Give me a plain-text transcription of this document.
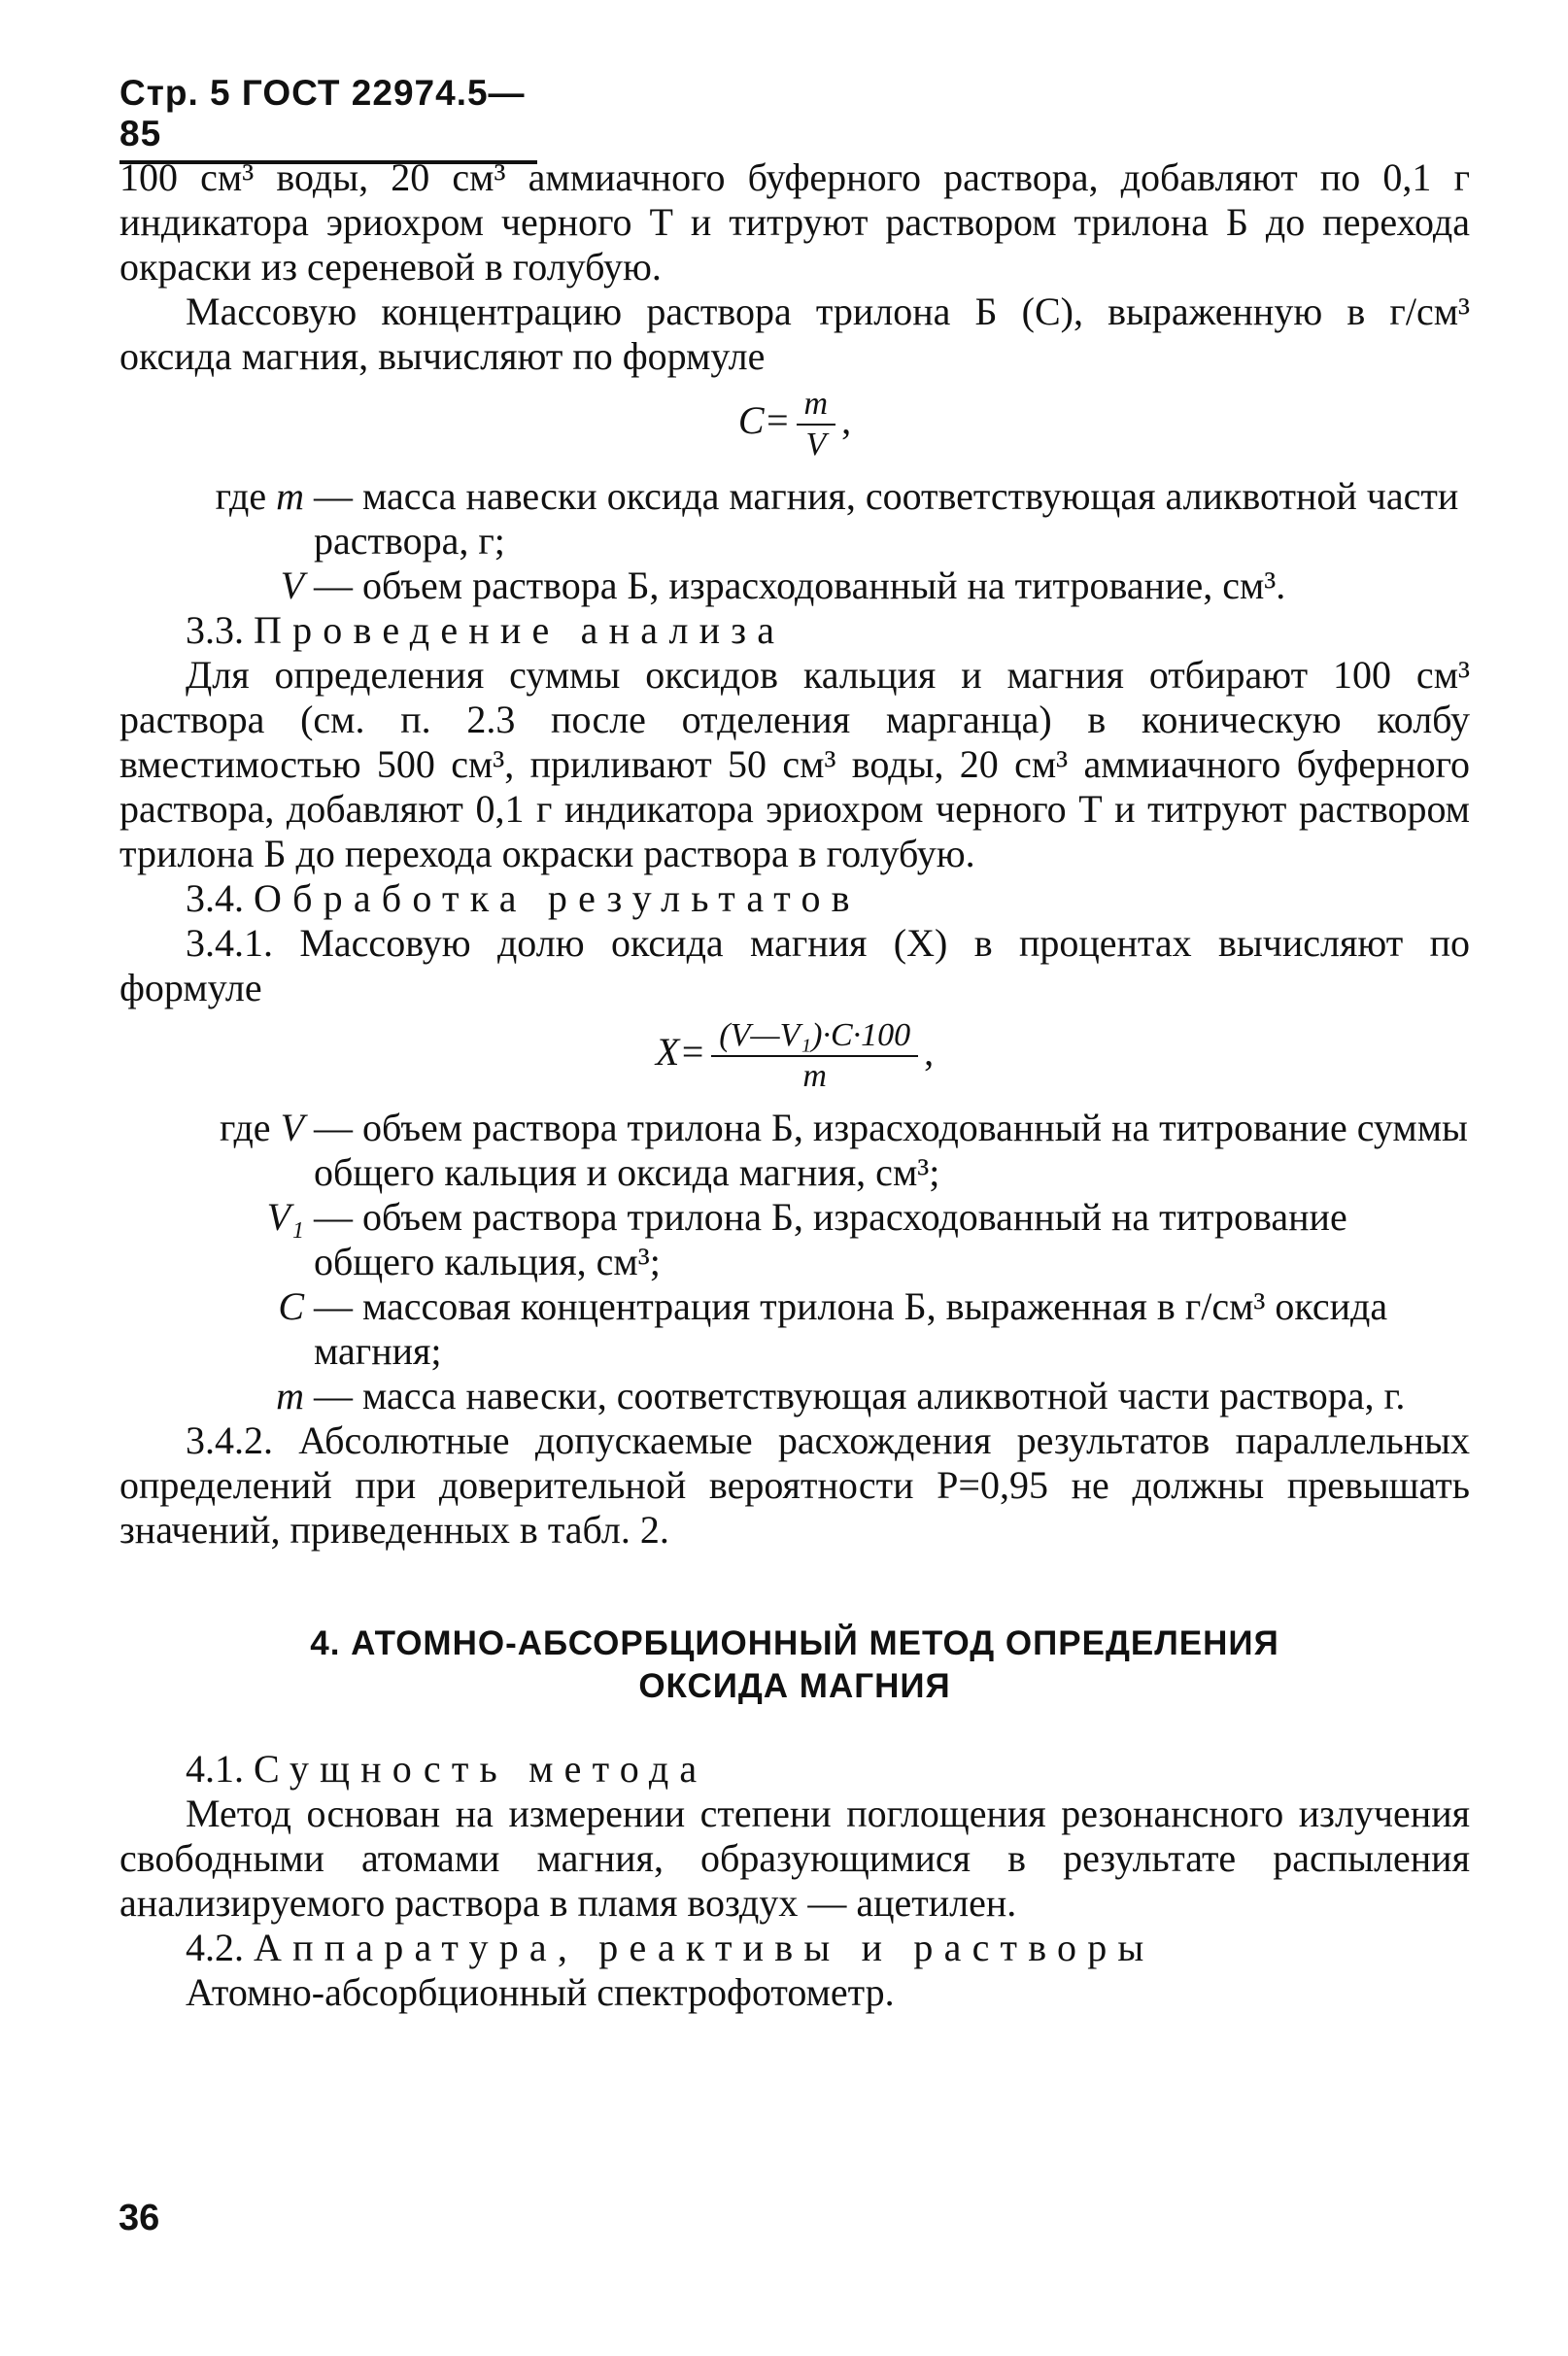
Стр. 5 ГОСТ 22974.5—85

100 см³ воды, 20 см³ аммиачного буферного раствора, добавляют по 0,1 г индикатора эриохром черного Т и титруют раствором трилона Б до перехода окраски из сереневой в голубую.

Массовую концентрацию раствора трилона Б (C), выраженную в г/см³ оксида магния, вычисляют по формуле

$C= \frac{m}{V}$ ,
где m — масса навески оксида магния, соответствующая аликвотной части раствора, г;
V — объем раствора Б, израсходованный на титрование, см³.

3.3. Проведение анализа

Для определения суммы оксидов кальция и магния отбирают 100 см³ раствора (см. п. 2.3 после отделения марганца) в коническую колбу вместимостью 500 см³, приливают 50 см³ воды, 20 см³ аммиачного буферного раствора, добавляют 0,1 г индикатора эриохром черного Т и титруют раствором трилона Б до перехода окраски раствора в голубую.

3.4. Обработка результатов

3.4.1. Массовую долю оксида магния (X) в процентах вычисляют по формуле

$X= \frac{\text{(V—V₁)·C·100}}{m}$ ,
где V — объем раствора трилона Б, израсходованный на титрование суммы общего кальция и оксида магния, см³;
V₁ — объем раствора трилона Б, израсходованный на титрование общего кальция, см³;
C — массовая концентрация трилона Б, выраженная в г/см³ оксида магния;
m — масса навески, соответствующая аликвотной части раствора, г.

3.4.2. Абсолютные допускаемые расхождения результатов параллельных определений при доверительной вероятности P=0,95 не должны превышать значений, приведенных в табл. 2.

4. АТОМНО-АБСОРБЦИОННЫЙ МЕТОД ОПРЕДЕЛЕНИЯ
ОКСИДА МАГНИЯ

4.1. Сущность метода

Метод основан на измерении степени поглощения резонансного излучения свободными атомами магния, образующимися в результате распыления анализируемого раствора в пламя воздух — ацетилен.

4.2. Аппаратура, реактивы и растворы

Атомно-абсорбционный спектрофотометр.

36
